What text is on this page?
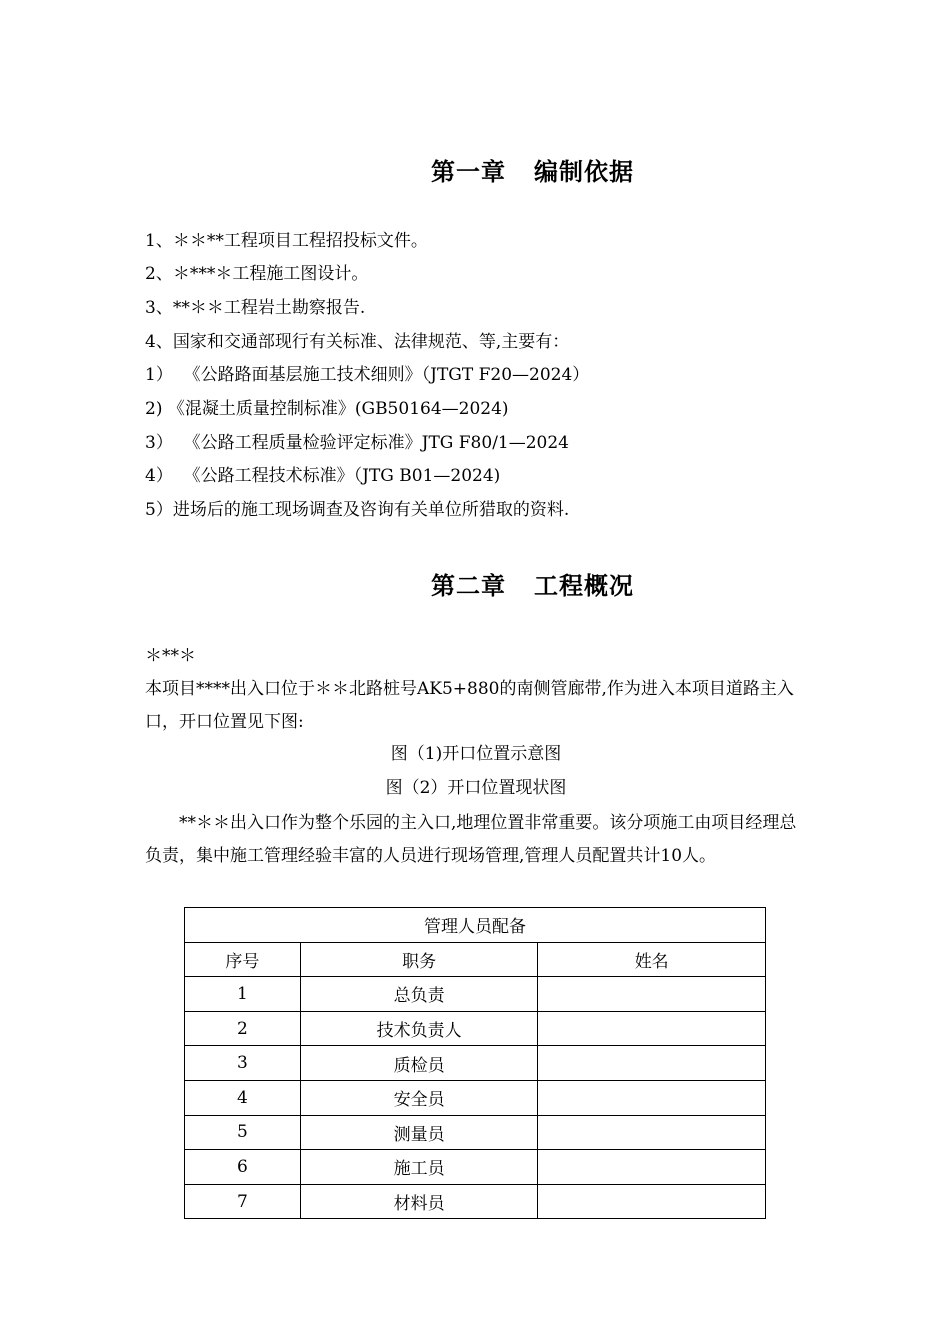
第一章   编制依据
1、＊＊**工程项目工程招投标文件。
2、＊***＊工程施工图设计。
3、**＊＊工程岩土勘察报告.
4、国家和交通部现行有关标准、法律规范、等,主要有：
1）  《公路路面基层施工技术细则》（JTGT F20—2024）
2) 《混凝土质量控制标准》(GB50164—2024)
3）  《公路工程质量检验评定标准》JTG F80/1—2024
4）  《公路工程技术标准》（JTG B01—2024)
5）进场后的施工现场调查及咨询有关单位所猎取的资料.
第二章   工程概况
＊**＊
本项目****出入口位于＊＊北路桩号AK5+880的南侧管廊带,作为进入本项目道路主入口，开口位置见下图:
图（1)开口位置示意图
图（2）开口位置现状图
**＊＊出入口作为整个乐园的主入口,地理位置非常重要。该分项施工由项目经理总负责，集中施工管理经验丰富的人员进行现场管理,管理人员配置共计10人。
管理人员配备		
序号	职务	姓名
1	总负责	
2	技术负责人	
3	质检员	
4	安全员	
5	测量员	
6	施工员	
7	材料员	
